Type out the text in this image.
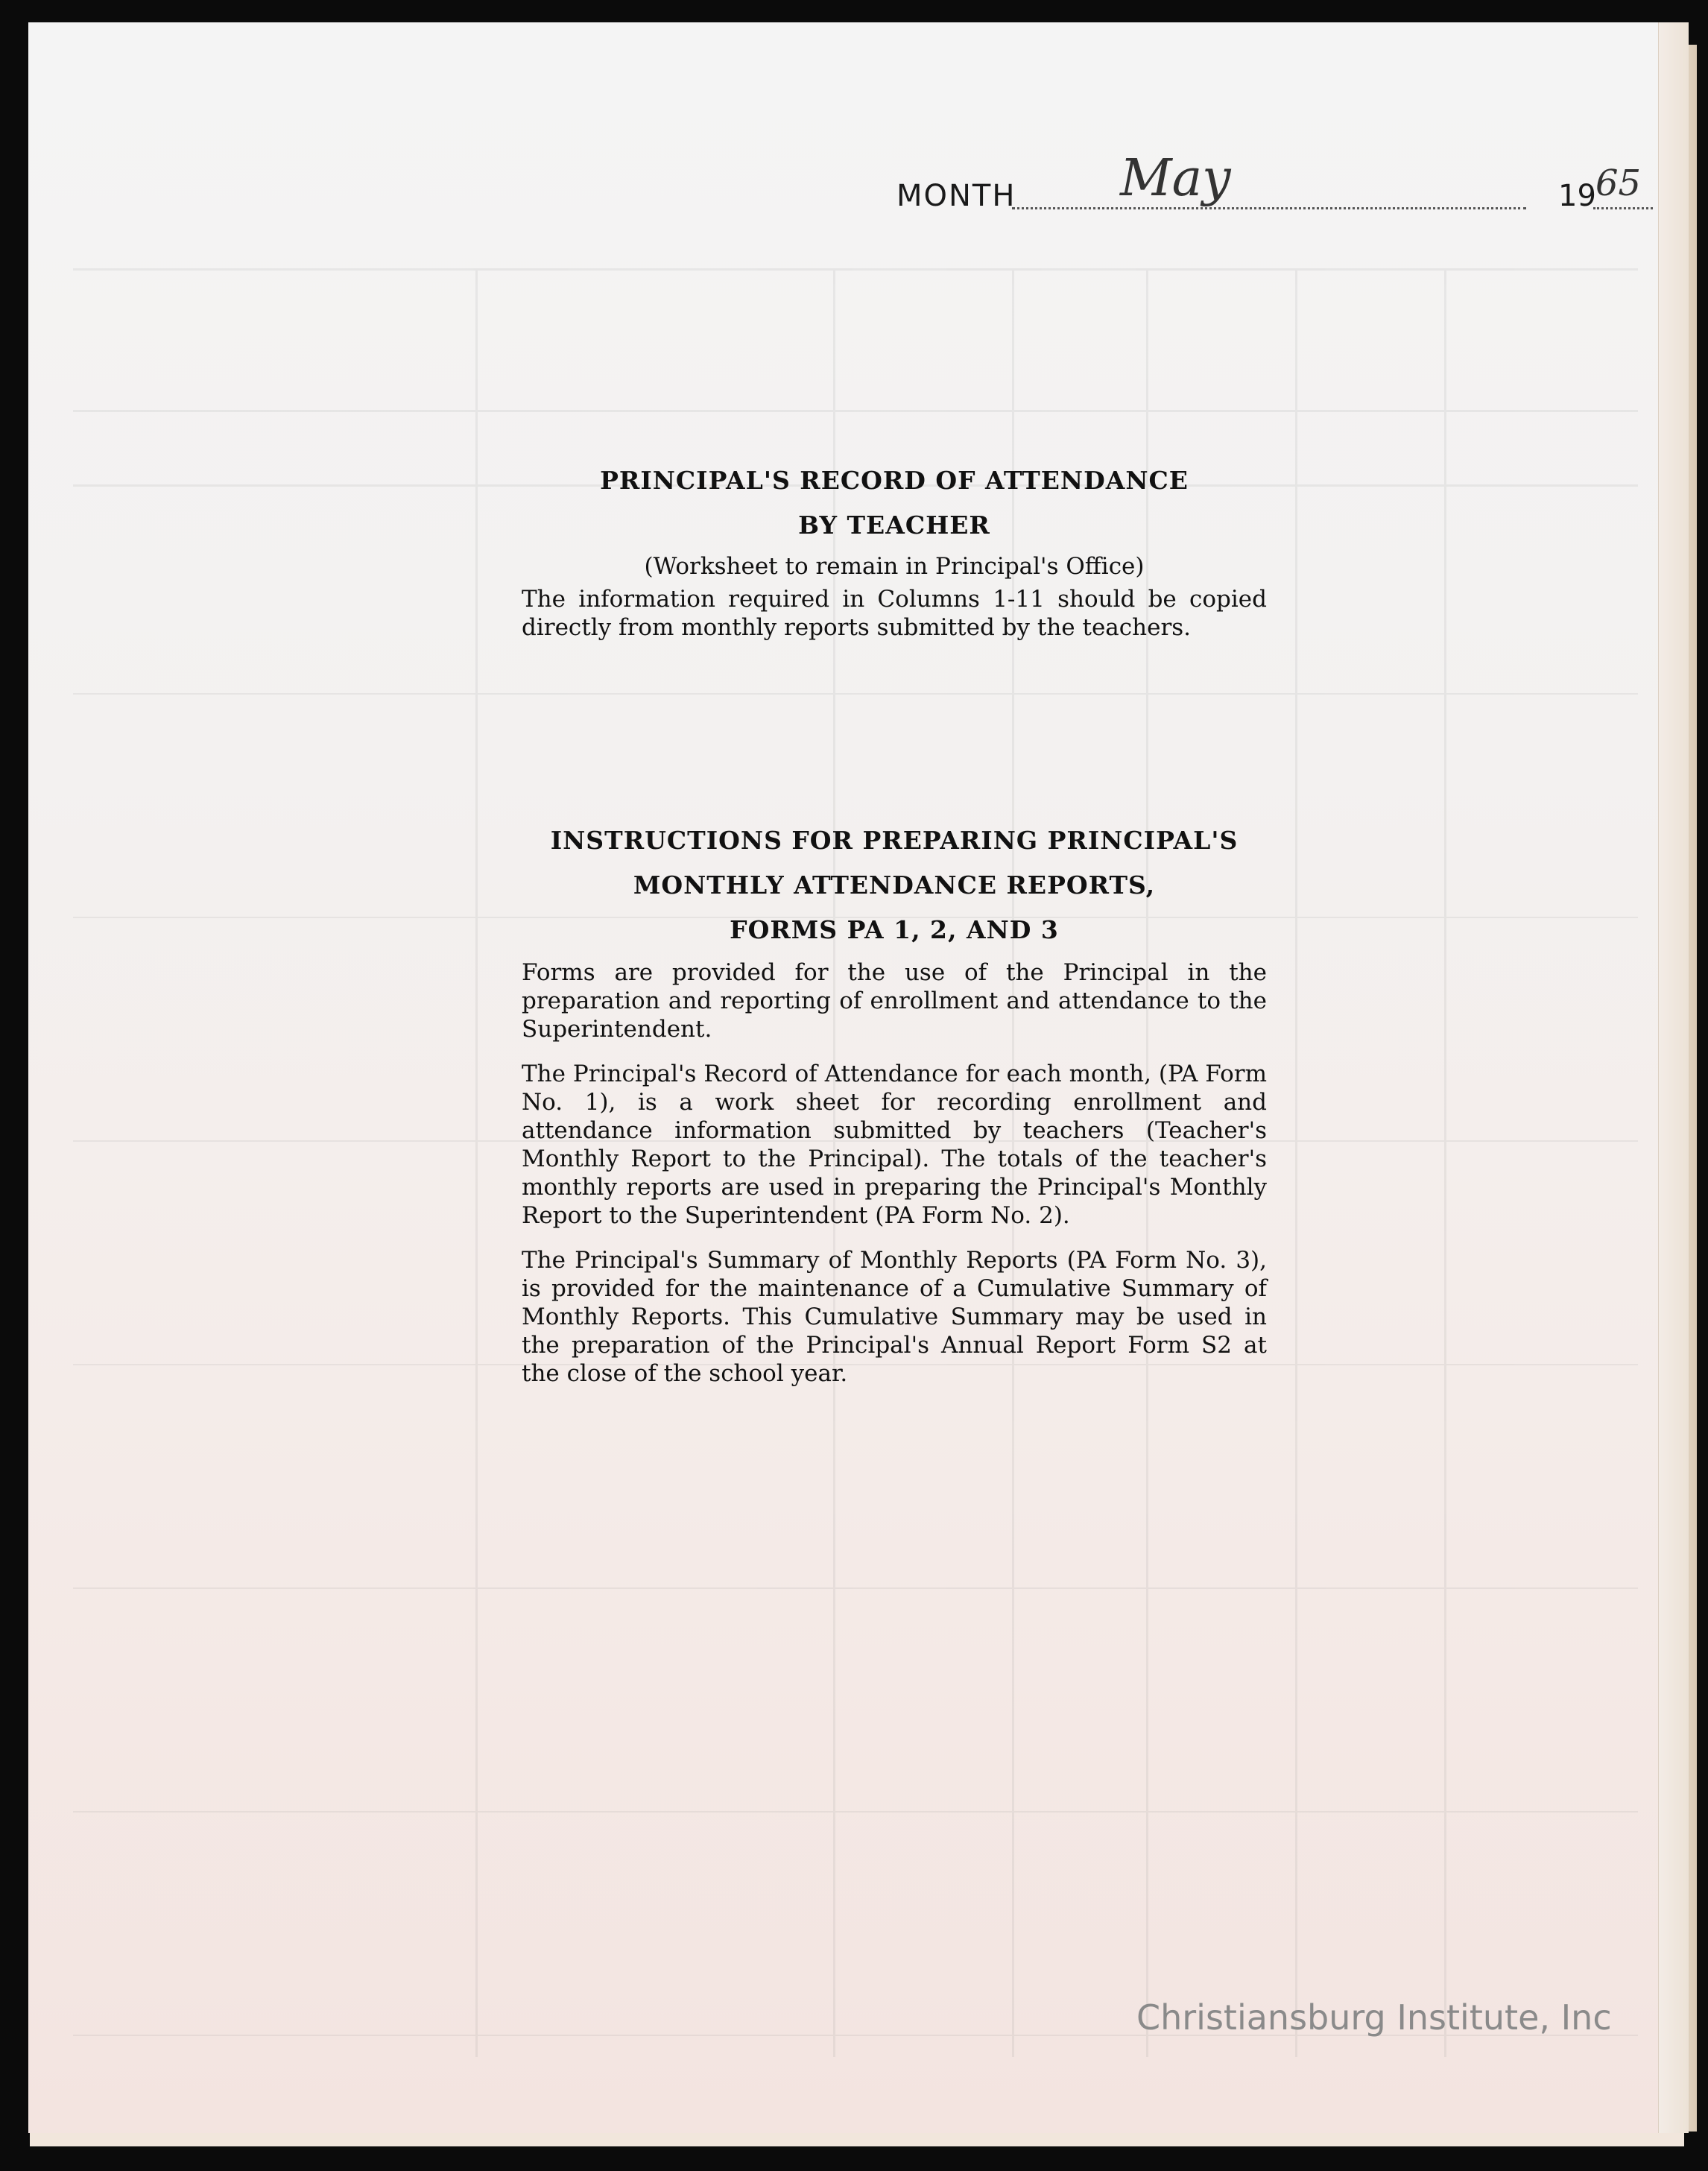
MONTH May	19 65

PRINCIPAL'S RECORD OF ATTENDANCE

BY TEACHER

(Worksheet to remain in Principal's Office)

The information required in Columns 1-11 should be copied directly from monthly reports submitted by the teachers.

INSTRUCTIONS FOR PREPARING PRINCIPAL'S

MONTHLY ATTENDANCE REPORTS,

FORMS PA 1, 2, AND 3

Forms are provided for the use of the Principal in the preparation and reporting of enrollment and attendance to the Superintendent.

The Principal's Record of Attendance for each month, (PA Form No. 1), is a work sheet for recording enrollment and attendance information submitted by teachers (Teacher's Monthly Report to the Principal). The totals of the teacher's monthly reports are used in preparing the Principal's Monthly Report to the Superintendent (PA Form No. 2).

The Principal's Summary of Monthly Reports (PA Form No. 3), is provided for the maintenance of a Cumulative Summary of Monthly Reports. This Cumulative Summary may be used in the preparation of the Principal's Annual Report Form S2 at the close of the school year.

Christiansburg Institute, Inc
